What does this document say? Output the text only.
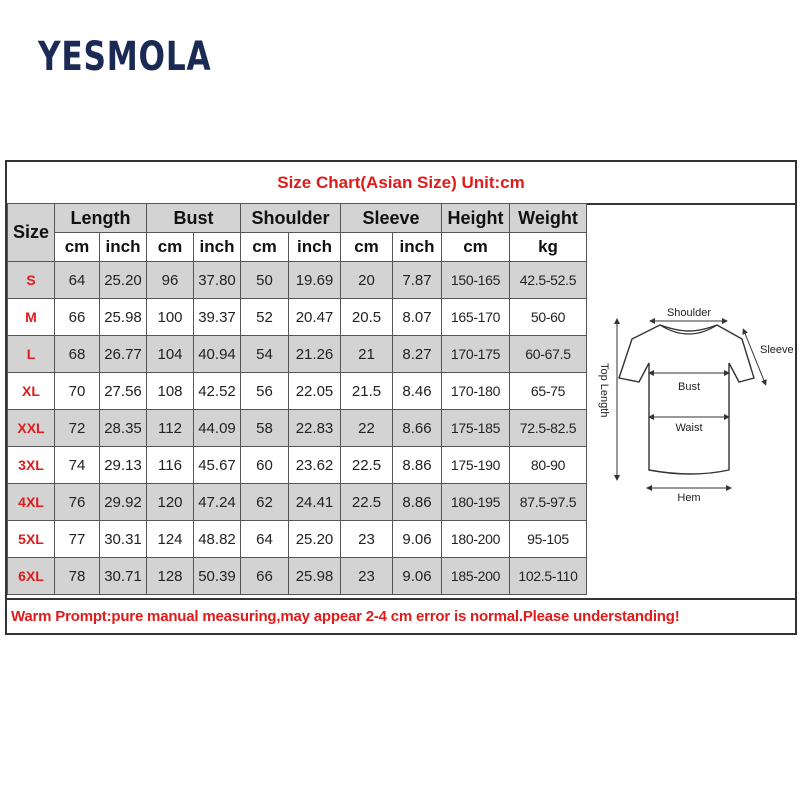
YESMOLA
Size Chart(Asian Size) Unit:cm
Size	Length		Bust		Shoulder		Sleeve		Height	Weight
	cm	inch	cm	inch	cm	inch	cm	inch	cm	kg
S	64	25.20	96	37.80	50	19.69	20	7.87	150-165	42.5-52.5
M	66	25.98	100	39.37	52	20.47	20.5	8.07	165-170	50-60
L	68	26.77	104	40.94	54	21.26	21	8.27	170-175	60-67.5
XL	70	27.56	108	42.52	56	22.05	21.5	8.46	170-180	65-75
XXL	72	28.35	112	44.09	58	22.83	22	8.66	175-185	72.5-82.5
3XL	74	29.13	116	45.67	60	23.62	22.5	8.86	175-190	80-90
4XL	76	29.92	120	47.24	62	24.41	22.5	8.86	180-195	87.5-97.5
5XL	77	30.31	124	48.82	64	25.20	23	9.06	180-200	95-105
6XL	78	30.71	128	50.39	66	25.98	23	9.06	185-200	102.5-110
Shoulder
Sleeve
Top Length	Bust
Waist
Hem
Warm Prompt:pure manual measuring,may appear 2-4 cm error is normal.Please understanding!
